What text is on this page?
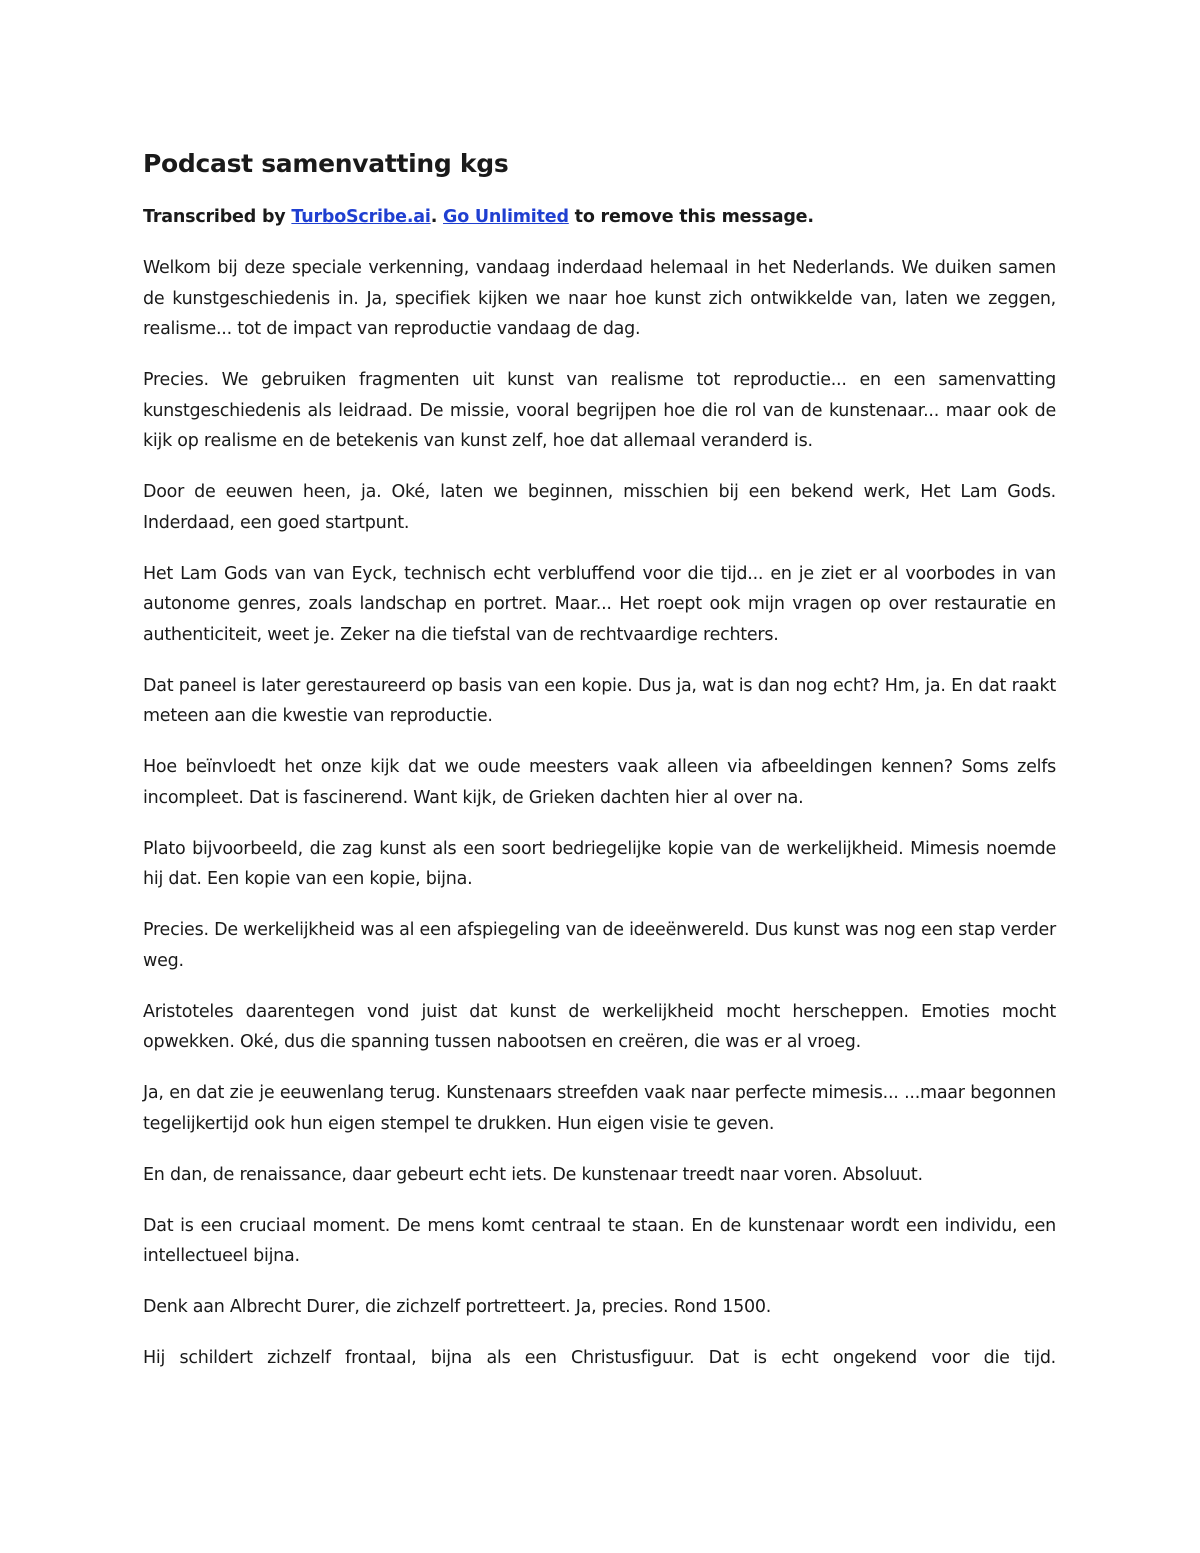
Podcast samenvatting kgs

Transcribed by TurboScribe.ai. Go Unlimited to remove this message.

Welkom bij deze speciale verkenning, vandaag inderdaad helemaal in het Nederlands. We duiken samen de kunstgeschiedenis in. Ja, specifiek kijken we naar hoe kunst zich ontwikkelde van, laten we zeggen, realisme... tot de impact van reproductie vandaag de dag.

Precies. We gebruiken fragmenten uit kunst van realisme tot reproductie... en een samenvatting kunstgeschiedenis als leidraad. De missie, vooral begrijpen hoe die rol van de kunstenaar... maar ook de kijk op realisme en de betekenis van kunst zelf, hoe dat allemaal veranderd is.

Door de eeuwen heen, ja. Oké, laten we beginnen, misschien bij een bekend werk, Het Lam Gods. Inderdaad, een goed startpunt.

Het Lam Gods van van Eyck, technisch echt verbluffend voor die tijd... en je ziet er al voorbodes in van autonome genres, zoals landschap en portret. Maar... Het roept ook mijn vragen op over restauratie en authenticiteit, weet je. Zeker na die tiefstal van de rechtvaardige rechters.

Dat paneel is later gerestaureerd op basis van een kopie. Dus ja, wat is dan nog echt? Hm, ja. En dat raakt meteen aan die kwestie van reproductie.

Hoe beïnvloedt het onze kijk dat we oude meesters vaak alleen via afbeeldingen kennen? Soms zelfs incompleet. Dat is fascinerend. Want kijk, de Grieken dachten hier al over na.

Plato bijvoorbeeld, die zag kunst als een soort bedriegelijke kopie van de werkelijkheid. Mimesis noemde hij dat. Een kopie van een kopie, bijna.

Precies. De werkelijkheid was al een afspiegeling van de ideeënwereld. Dus kunst was nog een stap verder weg.

Aristoteles daarentegen vond juist dat kunst de werkelijkheid mocht herscheppen. Emoties mocht opwekken. Oké, dus die spanning tussen nabootsen en creëren, die was er al vroeg.

Ja, en dat zie je eeuwenlang terug. Kunstenaars streefden vaak naar perfecte mimesis... ...maar begonnen tegelijkertijd ook hun eigen stempel te drukken. Hun eigen visie te geven.

En dan, de renaissance, daar gebeurt echt iets. De kunstenaar treedt naar voren. Absoluut.

Dat is een cruciaal moment. De mens komt centraal te staan. En de kunstenaar wordt een individu, een intellectueel bijna.

Denk aan Albrecht Durer, die zichzelf portretteert. Ja, precies. Rond 1500.

Hij schildert zichzelf frontaal, bijna als een Christusfiguur. Dat is echt ongekend voor die tijd.
